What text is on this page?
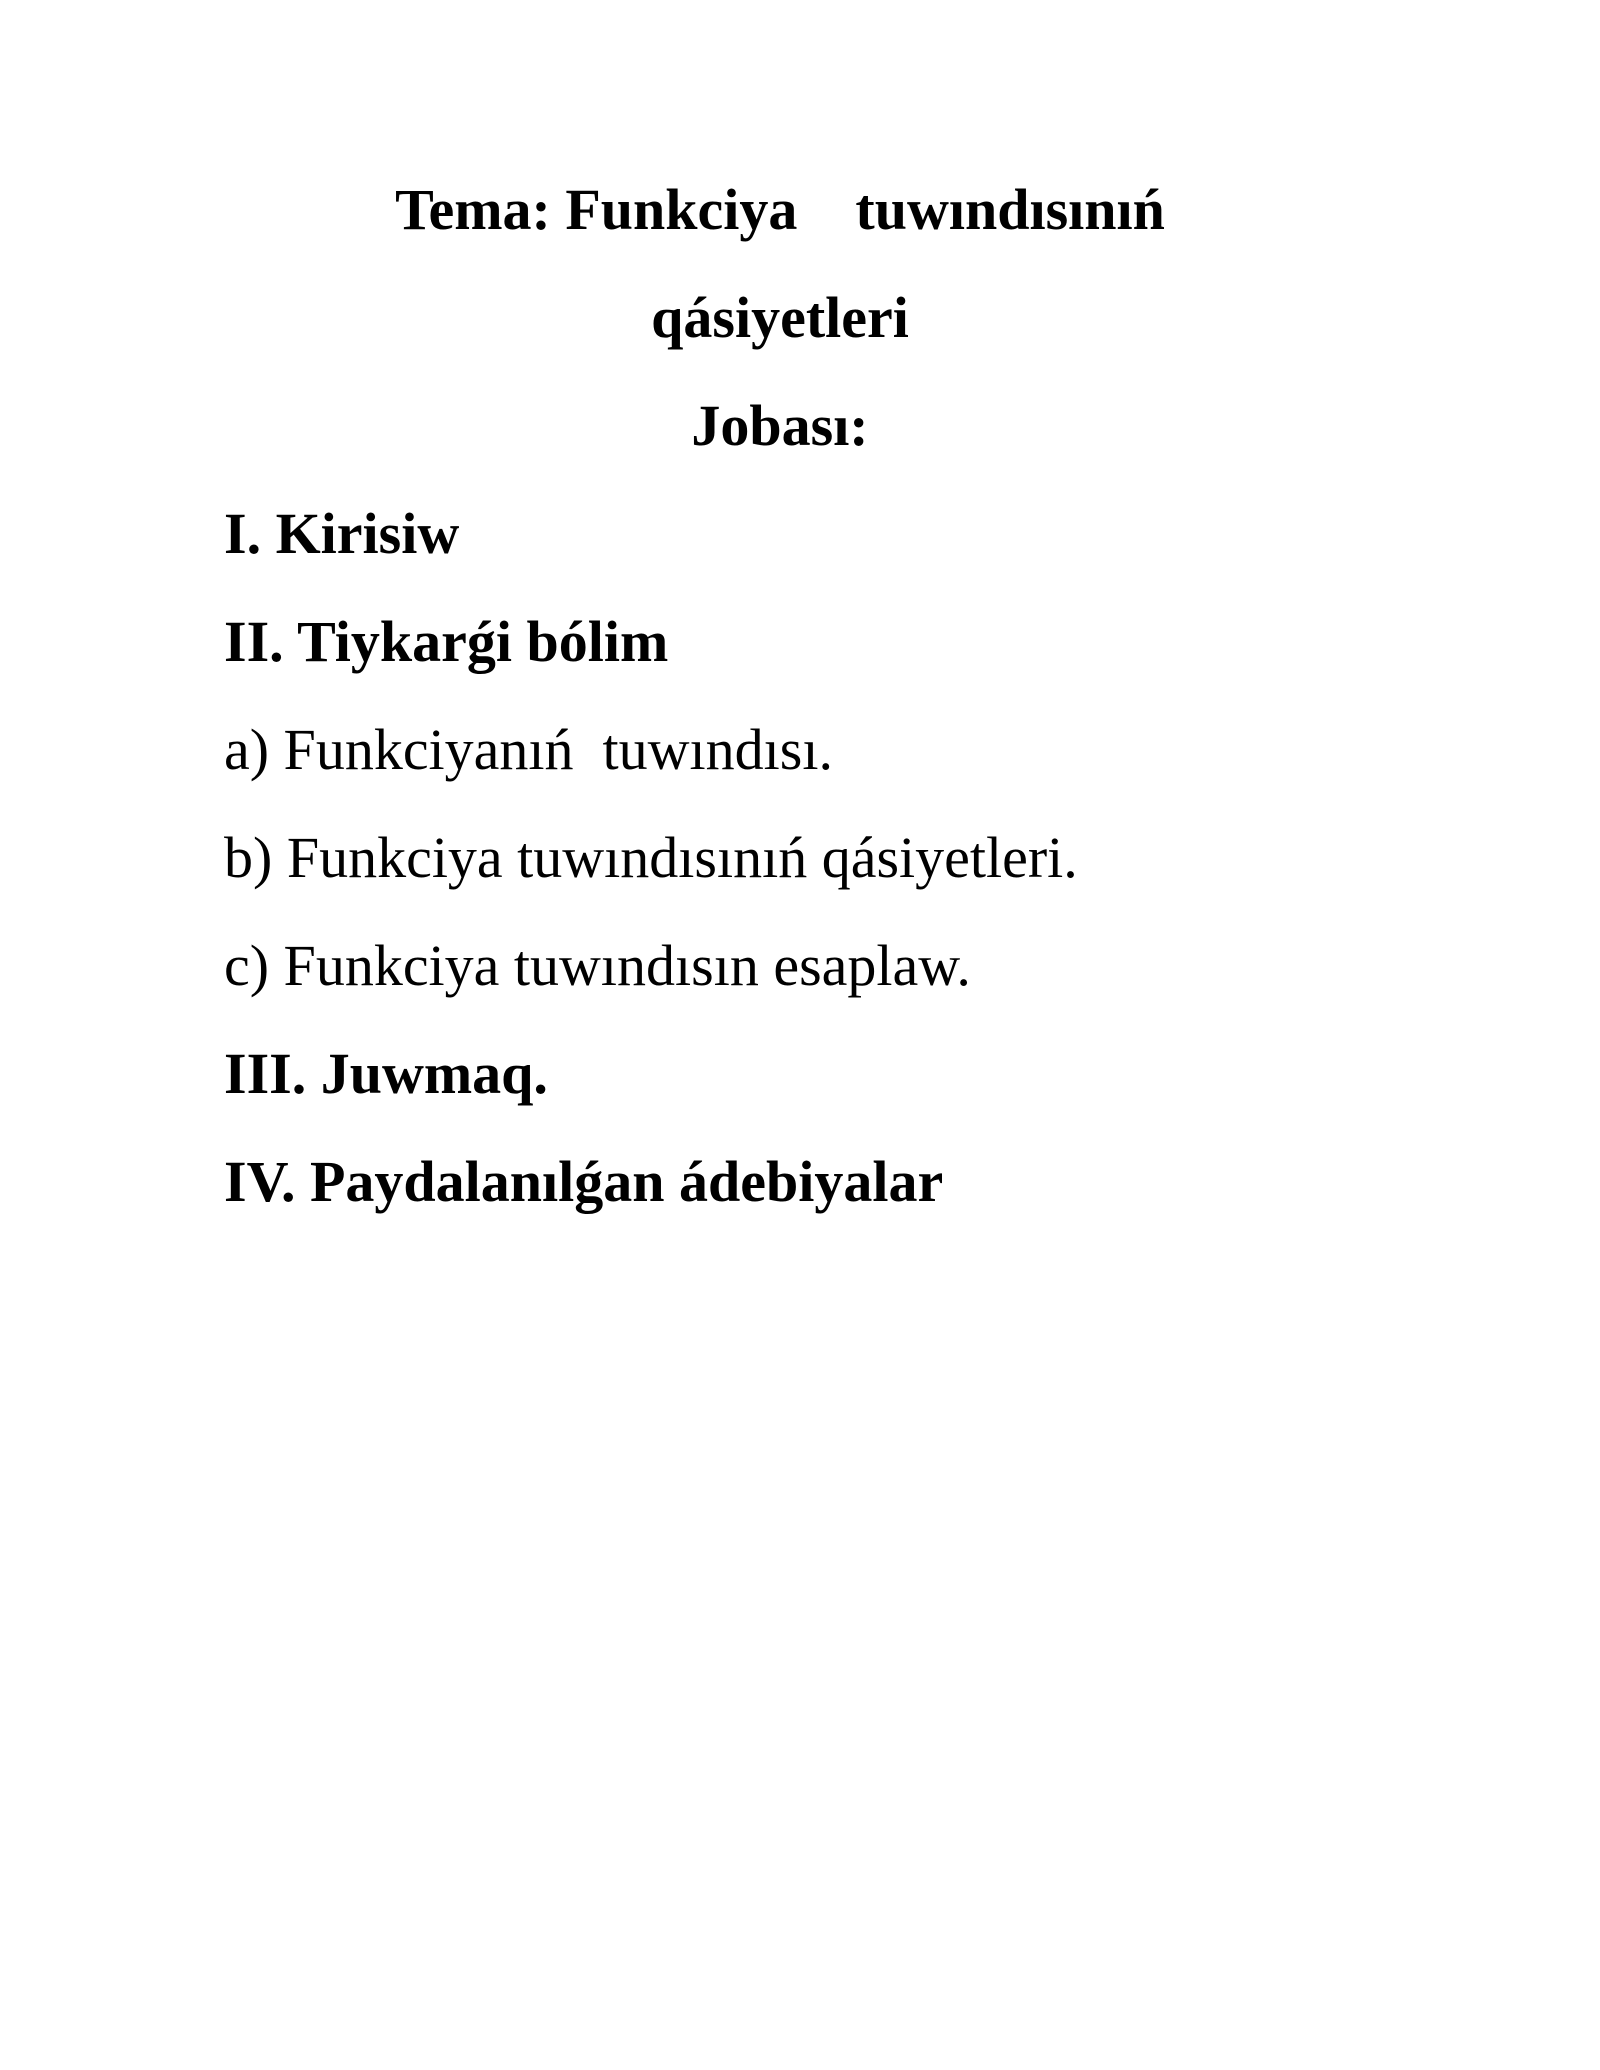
Tema: Funkciya    tuwındısınıń
qásiyetleri
Jobası:
I. Kirisiw
II. Tiykarǵi bólim
a) Funkciyanıń  tuwındısı.
b) Funkciya tuwındısınıń qásiyetleri.
c) Funkciya tuwındısın esaplaw.
III. Juwmaq.
IV. Paydalanılǵan ádebiyalar
